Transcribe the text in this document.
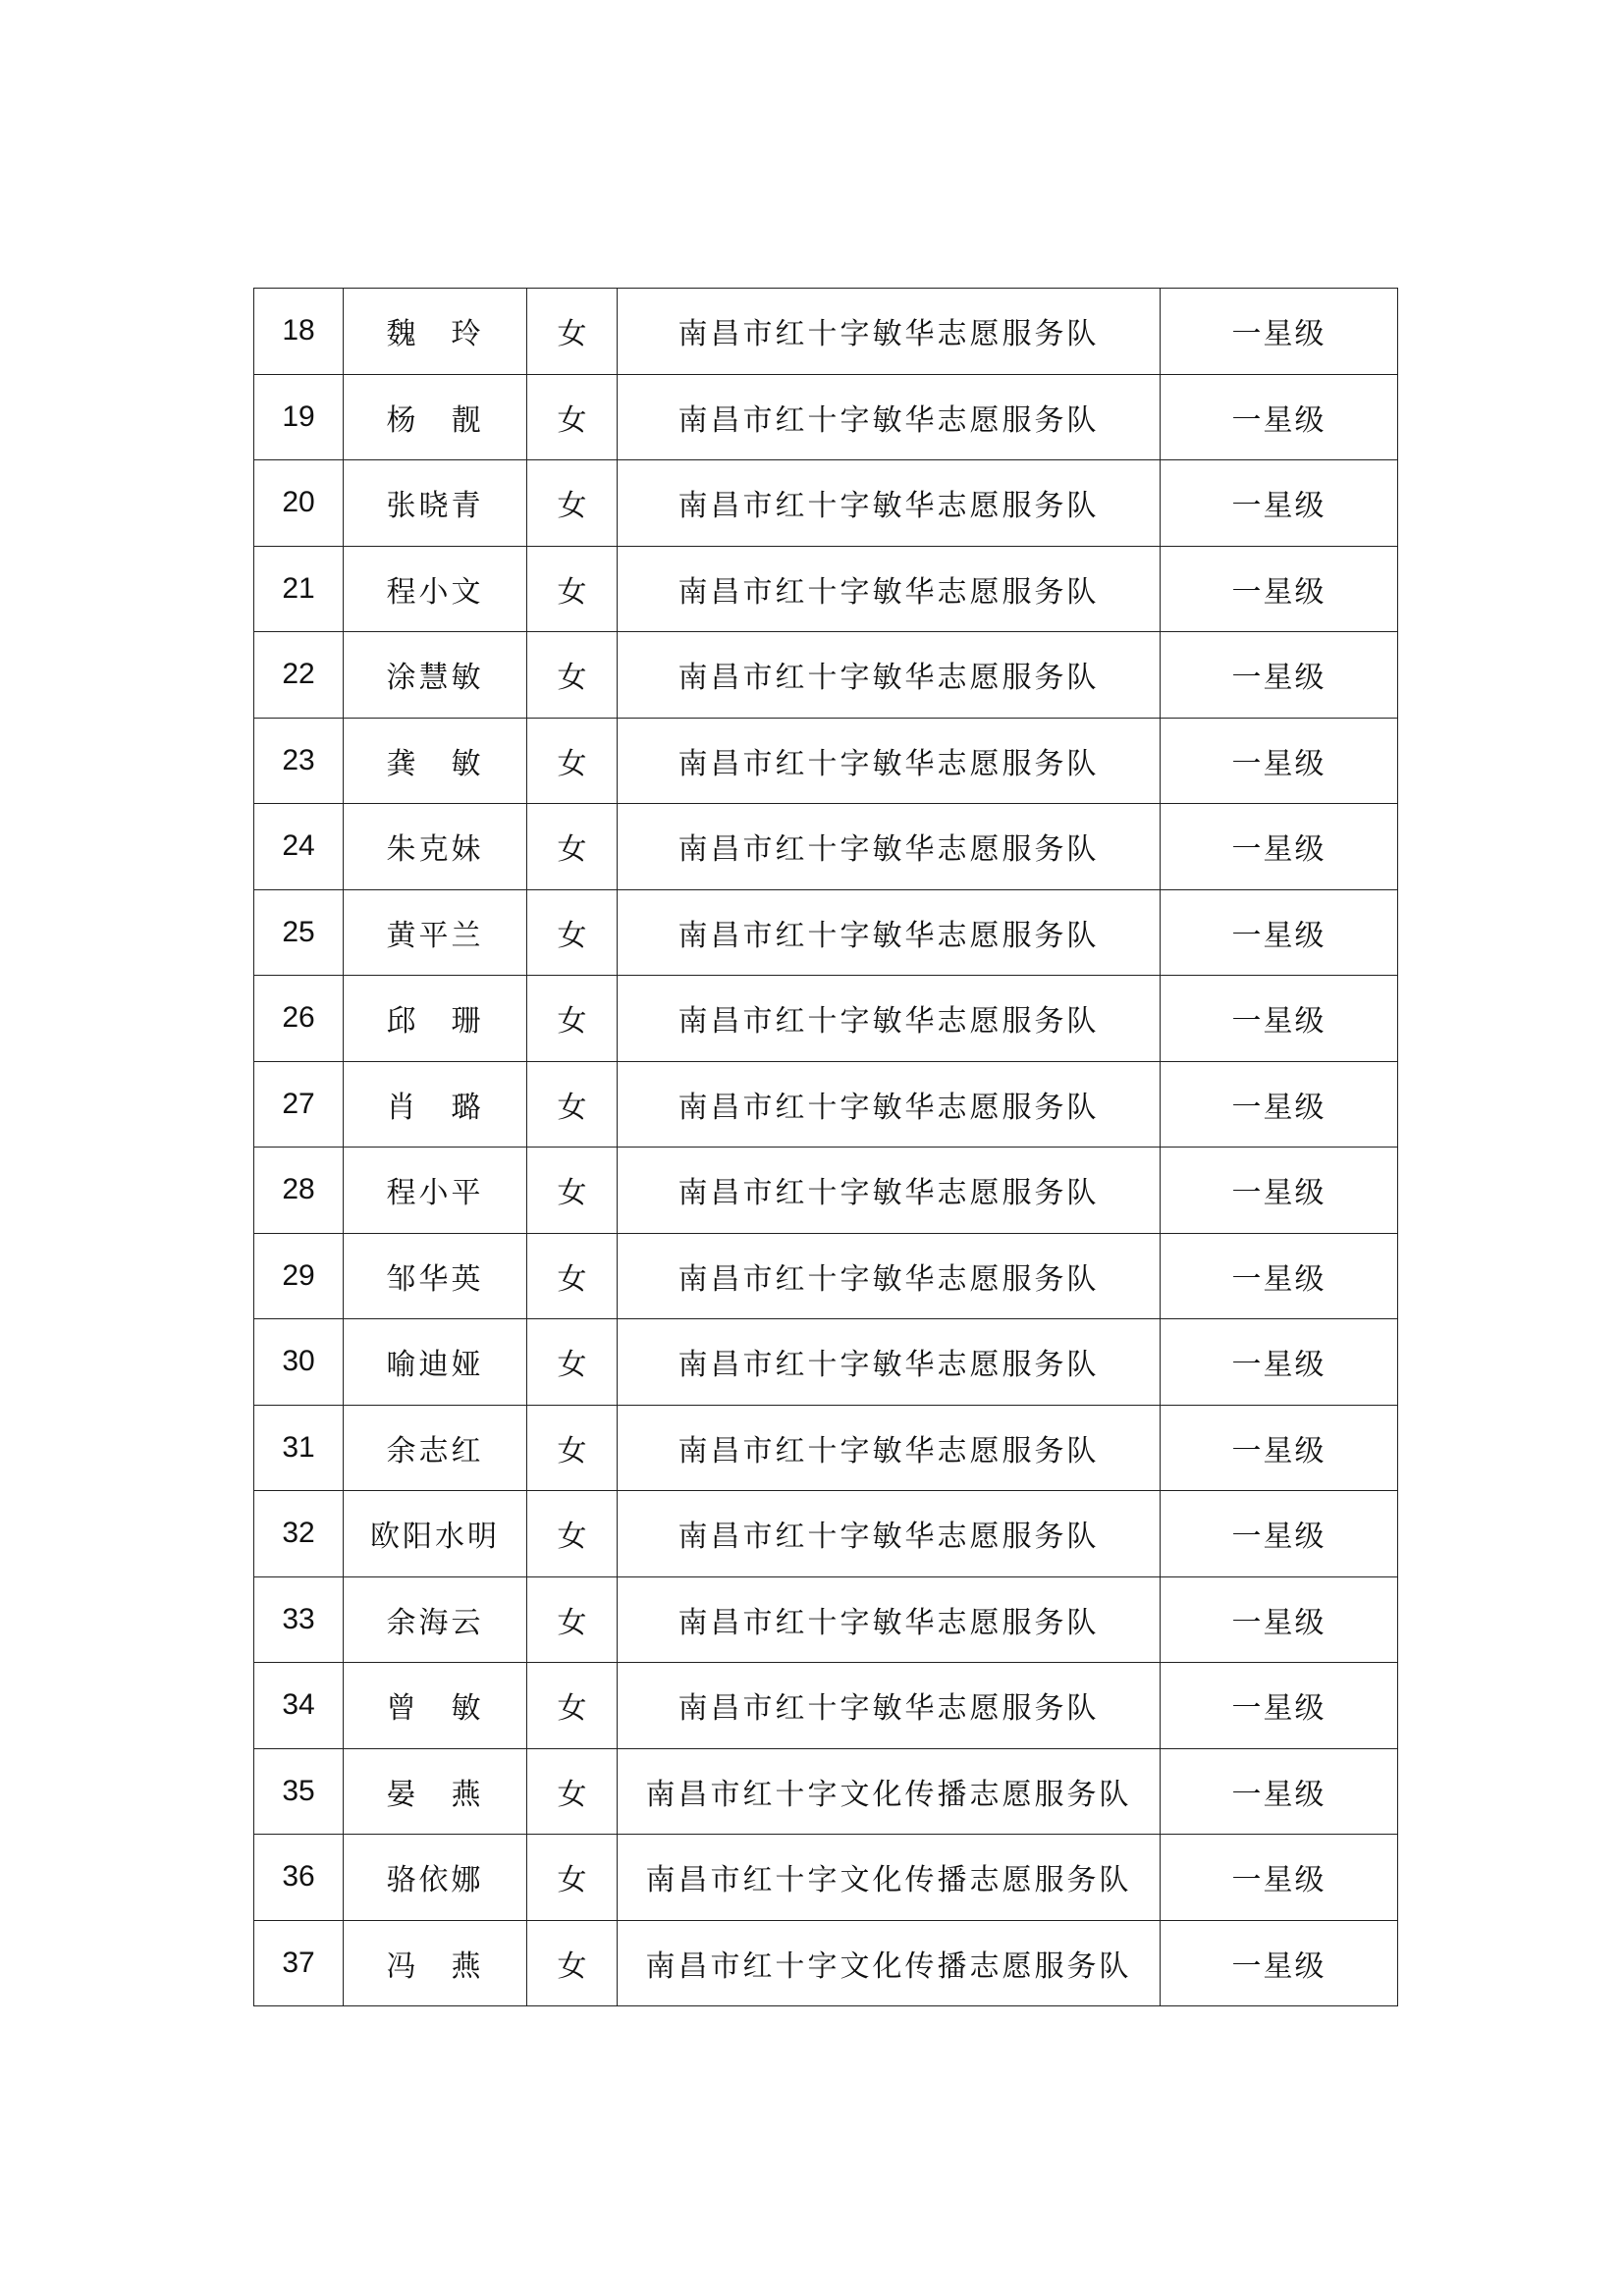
18	魏　玲	女	南昌市红十字敏华志愿服务队	一星级
19	杨　靓	女	南昌市红十字敏华志愿服务队	一星级
20	张晓青	女	南昌市红十字敏华志愿服务队	一星级
21	程小文	女	南昌市红十字敏华志愿服务队	一星级
22	涂慧敏	女	南昌市红十字敏华志愿服务队	一星级
23	龚　敏	女	南昌市红十字敏华志愿服务队	一星级
24	朱克妹	女	南昌市红十字敏华志愿服务队	一星级
25	黄平兰	女	南昌市红十字敏华志愿服务队	一星级
26	邱　珊	女	南昌市红十字敏华志愿服务队	一星级
27	肖　璐	女	南昌市红十字敏华志愿服务队	一星级
28	程小平	女	南昌市红十字敏华志愿服务队	一星级
29	邹华英	女	南昌市红十字敏华志愿服务队	一星级
30	喻迪娅	女	南昌市红十字敏华志愿服务队	一星级
31	余志红	女	南昌市红十字敏华志愿服务队	一星级
32	欧阳水明	女	南昌市红十字敏华志愿服务队	一星级
33	余海云	女	南昌市红十字敏华志愿服务队	一星级
34	曾　敏	女	南昌市红十字敏华志愿服务队	一星级
35	晏　燕	女	南昌市红十字文化传播志愿服务队	一星级
36	骆依娜	女	南昌市红十字文化传播志愿服务队	一星级
37	冯　燕	女	南昌市红十字文化传播志愿服务队	一星级
